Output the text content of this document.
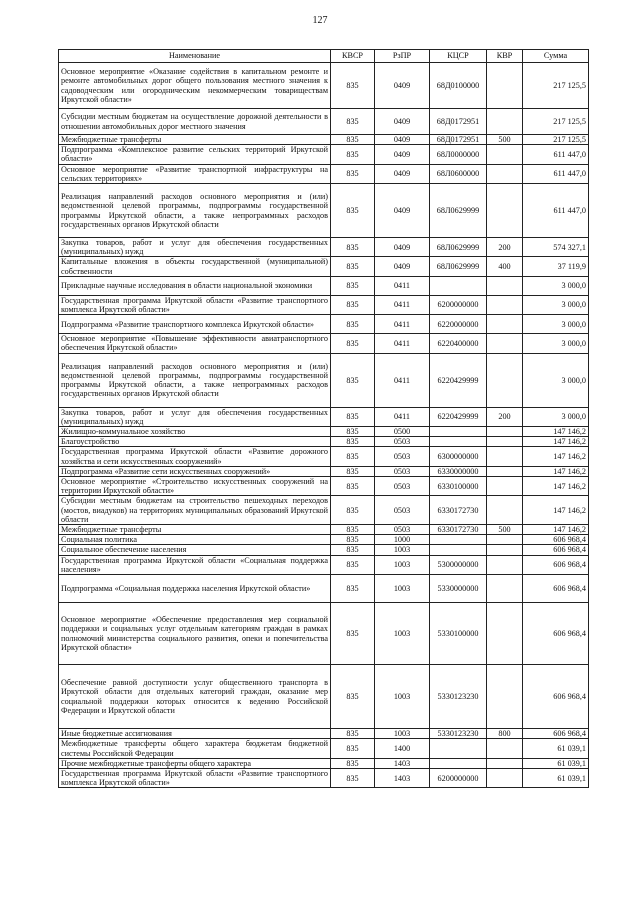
127
Наименование	КВСР	РзПР	КЦСР	КВР	Сумма
Основное мероприятие «Оказание содействия в капитальном ремонте и ремонте автомобильных дорог общего пользования местного значения к садоводческим или огородническим некоммерческим товариществам Иркутской области»	835	0409	68Д0100000		217 125,5
Субсидии местным бюджетам на осуществление дорожной деятельности в отношении автомобильных дорог местного значения	835	0409	68Д0172951		217 125,5
Межбюджетные трансферты	835	0409	68Д0172951	500	217 125,5
Подпрограмма «Комплексное развитие сельских территорий Иркутской области»	835	0409	68Л0000000		611 447,0
Основное мероприятие «Развитие транспортной инфраструктуры на сельских территориях»	835	0409	68Л0600000		611 447,0
Реализация направлений расходов основного мероприятия и (или) ведомственной целевой программы, подпрограммы государственной программы Иркутской области, а также непрограммных расходов государственных органов Иркутской области	835	0409	68Л0629999		611 447,0
Закупка товаров, работ и услуг для обеспечения государственных (муниципальных) нужд	835	0409	68Л0629999	200	574 327,1
Капитальные вложения в объекты государственной (муниципальной) собственности	835	0409	68Л0629999	400	37 119,9
Прикладные научные исследования в области национальной экономики	835	0411			3 000,0
Государственная программа Иркутской области «Развитие транспортного комплекса Иркутской области»	835	0411	6200000000		3 000,0
Подпрограмма «Развитие транспортного комплекса Иркутской области»	835	0411	6220000000		3 000,0
Основное мероприятие «Повышение эффективности авиатранспортного обеспечения Иркутской области»	835	0411	6220400000		3 000,0
Реализация направлений расходов основного мероприятия и (или) ведомственной целевой программы, подпрограммы государственной программы Иркутской области, а также непрограммных расходов государственных органов Иркутской области	835	0411	6220429999		3 000,0
Закупка товаров, работ и услуг для обеспечения государственных (муниципальных) нужд	835	0411	6220429999	200	3 000,0
Жилищно-коммунальное хозяйство	835	0500			147 146,2
Благоустройство	835	0503			147 146,2
Государственная программа Иркутской области «Развитие дорожного хозяйства и сети искусственных сооружений»	835	0503	6300000000		147 146,2
Подпрограмма «Развитие сети искусственных сооружений»	835	0503	6330000000		147 146,2
Основное мероприятие «Строительство искусственных сооружений на территории Иркутской области»	835	0503	6330100000		147 146,2
Субсидии местным бюджетам на строительство пешеходных переходов (мостов, виадуков) на территориях муниципальных образований Иркутской области	835	0503	6330172730		147 146,2
Межбюджетные трансферты	835	0503	6330172730	500	147 146,2
Социальная политика	835	1000			606 968,4
Социальное обеспечение населения	835	1003			606 968,4
Государственная программа Иркутской области «Социальная поддержка населения»	835	1003	5300000000		606 968,4
Подпрограмма «Социальная поддержка населения Иркутской области»	835	1003	5330000000		606 968,4
Основное мероприятие «Обеспечение предоставления мер социальной поддержки и социальных услуг отдельным категориям граждан в рамках полномочий министерства социального развития, опеки и попечительства Иркутской области»	835	1003	5330100000		606 968,4
Обеспечение равной доступности услуг общественного транспорта в Иркутской области для отдельных категорий граждан, оказание мер социальной поддержки которых относится к ведению Российской Федерации и Иркутской области	835	1003	5330123230		606 968,4
Иные бюджетные ассигнования	835	1003	5330123230	800	606 968,4
Межбюджетные трансферты общего характера бюджетам бюджетной системы Российской Федерации	835	1400			61 039,1
Прочие межбюджетные трансферты общего характера	835	1403			61 039,1
Государственная программа Иркутской области «Развитие транспортного комплекса Иркутской области»	835	1403	6200000000		61 039,1
